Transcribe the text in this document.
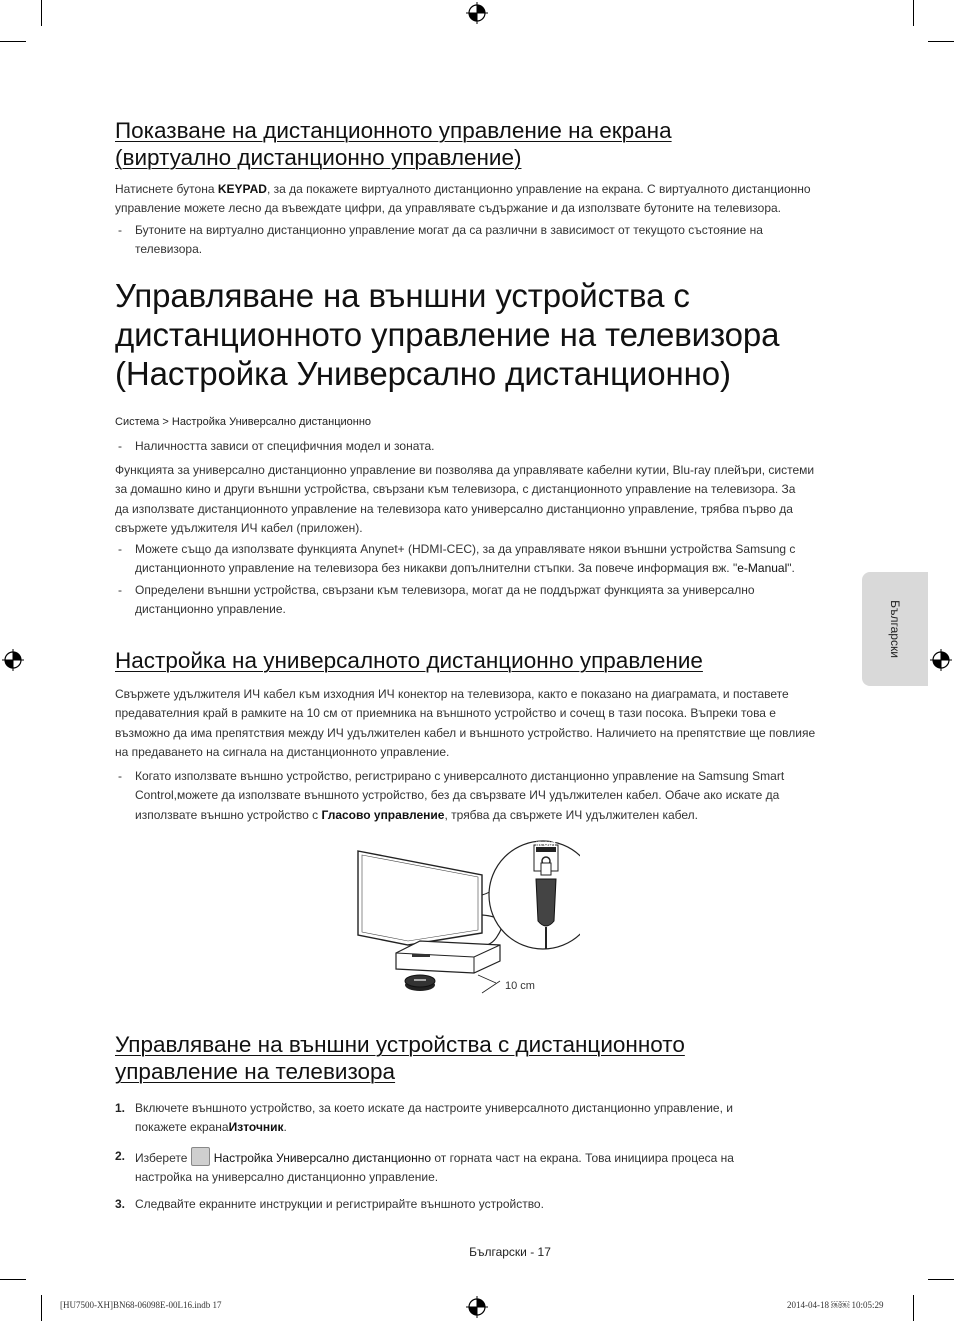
Показване на дистанционното управление на екрана
(виртуално дистанционно управление)

Натиснете бутона KEYPAD, за да покажете виртуалното дистанционно управление на екрана. С виртуалното дистанционно
управление можете лесно да въвеждате цифри, да управлявате съдържание и да използвате бутоните на телевизора.

- Бутоните на виртуално дистанционно управление могат да са различни в зависимост от текущото състояние на
телевизора.
Управляване на външни устройства с
дистанционното управление на телевизора
(Настройка Универсално дистанционно)
Система > Настройка Универсално дистанционно
- Наличността зависи от специфичния модел и зоната.

Функцията за универсално дистанционно управление ви позволява да управлявате кабелни кутии, Blu-ray плейъри, системи
за домашно кино и други външни устройства, свързани към телевизора, с дистанционното управление на телевизора. За
да използвате дистанционното управление на телевизора като универсално дистанционно управление, трябва първо да
свържете удължителя ИЧ кабел (приложен).

- Можете също да използвате функцията Anynet+ (HDMI-CEC), за да управлявате някои външни устройства Samsung с
дистанционното управление на телевизора без никакви допълнителни стъпки. За повече информация вж. "e-Manual".
- Определени външни устройства, свързани към телевизора, могат да не поддържат функцията за универсално
дистанционно управление.	Български
Настройка на универсалното дистанционно управление

Свържете удължителя ИЧ кабел към изходния ИЧ конектор на телевизора, както е показано на диаграмата, и поставете
предавателния край в рамките на 10 см от приемника на външното устройство и сочещ в тази посока. Въпреки това е
възможно да има препятствия между ИЧ удължителен кабел и външното устройство. Наличието на препятствие ще повлияе
на предаването на сигнала на дистанционното управление.

- Когато използвате външно устройство, регистрирано с универсалното дистанционно управление на Samsung Smart
Control,можете да използвате външното устройство, без да свързвате ИЧ удължителен кабел. Обаче ако искате да
използвате външно устройство с Гласово управление, трябва да свържете ИЧ удължителен кабел.
IR OUT
10 cm
Управляване на външни устройства с дистанционното
управление на телевизора
1. Включете външното устройство, за което искате да настроите универсалното дистанционно управление, и
покажете екранаИзточник.
2. Изберете Настройка Универсално дистанционно от горната част на екрана. Това инициира процеса на
настройка на универсално дистанционно управление.
3. Следвайте екранните инструкции и регистрирайте външното устройство.
Български - 17
[HU7500-XH]BN68-06098E-00L16.indb 17	2014-04-18 ￼￼ 10:05:29
